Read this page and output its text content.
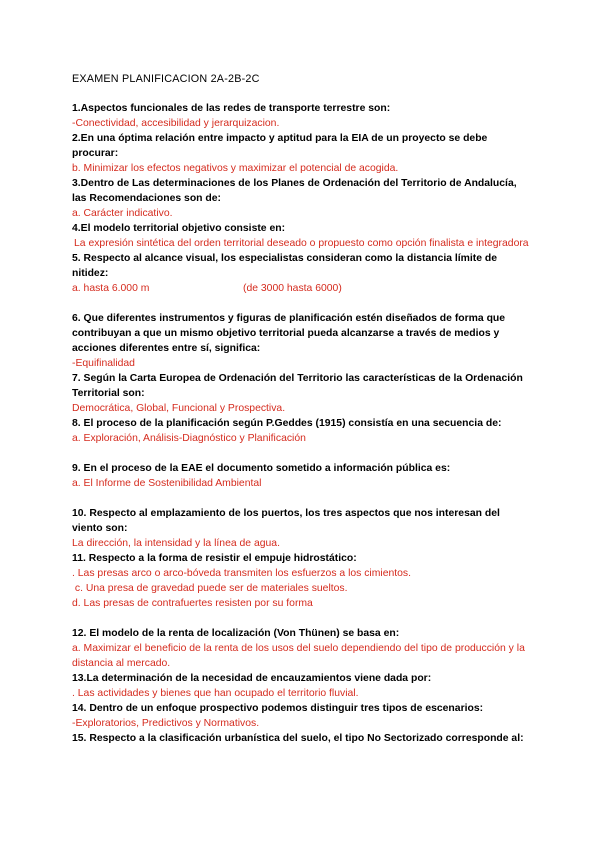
EXAMEN PLANIFICACION 2A-2B-2C
1.Aspectos funcionales de las redes de transporte terrestre son:
-Conectividad, accesibilidad y jerarquizacion.
2.En una óptima relación entre impacto y aptitud para la EIA de un proyecto se debe procurar:
b. Minimizar los efectos negativos y maximizar el potencial de acogida.
3.Dentro de Las determinaciones de los Planes de Ordenación del Territorio de Andalucía, las Recomendaciones son de:
a. Carácter indicativo.
4.El modelo territorial objetivo consiste en:
La expresión sintética del orden territorial deseado o propuesto como opción finalista e integradora
5. Respecto al alcance visual, los especialistas consideran como la distancia límite de nitidez:
a. hasta 6.000 m	(de 3000 hasta 6000)
6. Que diferentes instrumentos y figuras de planificación estén diseñados de forma que contribuyan a que un mismo objetivo territorial pueda alcanzarse a través de medios y acciones diferentes entre sí, significa:
-Equifinalidad
7. Según la Carta Europea de Ordenación del Territorio las características de la Ordenación Territorial son:
Democrática, Global, Funcional y Prospectiva.
8. El proceso de la planificación según P.Geddes (1915) consistía en una secuencia de:
a. Exploración, Análisis-Diagnóstico y Planificación
9. En el proceso de la EAE el documento sometido a información pública es:
a. El Informe de Sostenibilidad Ambiental
10. Respecto al emplazamiento de los puertos, los tres aspectos que nos interesan del viento son:
La dirección, la intensidad y la línea de agua.
11. Respecto a la forma de resistir el empuje hidrostático:
. Las presas arco o arco-bóveda transmiten los esfuerzos a los cimientos.
c. Una presa de gravedad puede ser de materiales sueltos.
d. Las presas de contrafuertes resisten por su forma
12. El modelo de la renta de localización (Von Thünen) se basa en:
a. Maximizar el beneficio de la renta de los usos del suelo dependiendo del tipo de producción y la distancia al mercado.
13.La determinación de la necesidad de encauzamientos viene dada por:
. Las actividades y bienes que han ocupado el territorio fluvial.
14. Dentro de un enfoque prospectivo podemos distinguir tres tipos de escenarios:
-Exploratorios, Predictivos y Normativos.
15. Respecto a la clasificación urbanística del suelo, el tipo No Sectorizado corresponde al:
